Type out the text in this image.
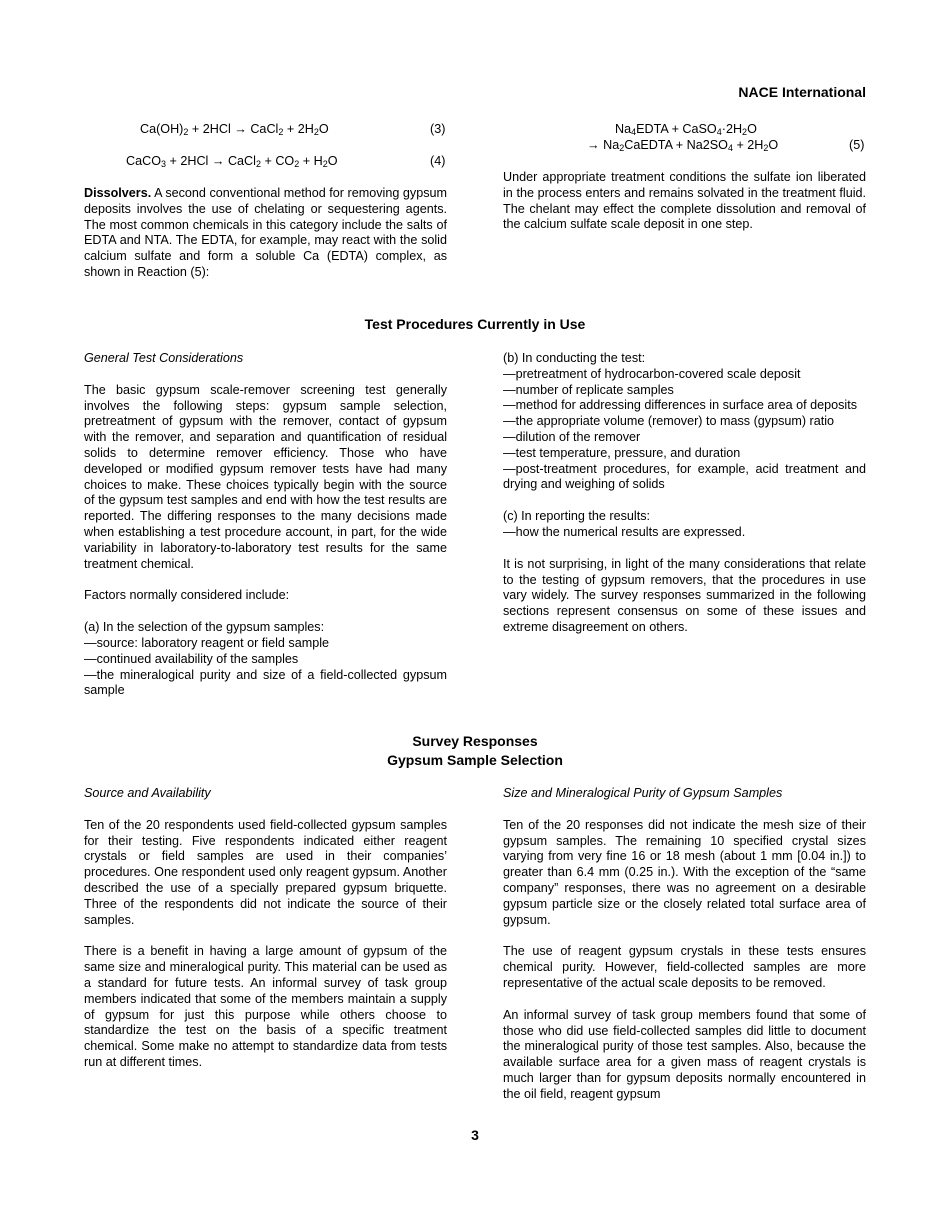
NACE International
$Ca(OH)_2 + 2HCl$ → CaCl$_2$ + $2H_2O$	(3)
CaCO$_3$ + 2HCl → CaCl$_2$ + $CO_2 + H_2O$	(4)
$Na_4EDTA$ + $CaSO_4\cdot 2H_2O$
→ $Na_2CaEDTA + Na2SO_4 + 2H_2O$	(5)

Dissolvers. A second conventional method for removing gypsum deposits involves the use of chelating or sequestering agents. The most common chemicals in this category include the salts of EDTA and NTA. The EDTA, for example, may react with the solid calcium sulfate and form a soluble Ca (EDTA) complex, as shown in Reaction (5):

Under appropriate treatment conditions the sulfate ion liberated in the process enters and remains solvated in the treatment fluid. The chelant may effect the complete dissolution and removal of the calcium sulfate scale deposit in one step.

Test Procedures Currently in Use

General Test Considerations

The basic gypsum scale-remover screening test generally involves the following steps: gypsum sample selection, pretreatment of gypsum with the remover, contact of gypsum with the remover, and separation and quantification of residual solids to determine remover efficiency. Those who have developed or modified gypsum remover tests have had many choices to make. These choices typically begin with the source of the gypsum test samples and end with how the test results are reported. The differing responses to the many decisions made when establishing a test procedure account, in part, for the wide variability in laboratory-to-laboratory test results for the same treatment chemical.

Factors normally considered include:

(a) In the selection of the gypsum samples:

—source: laboratory reagent or field sample

—continued availability of the samples

—the mineralogical purity and size of a field-collected gypsum sample

(b) In conducting the test:

—pretreatment of hydrocarbon-covered scale deposit

—number of replicate samples

—method for addressing differences in surface area of deposits

—the appropriate volume (remover) to mass (gypsum) ratio

—dilution of the remover

—test temperature, pressure, and duration

—post-treatment procedures, for example, acid treatment and drying and weighing of solids

(c) In reporting the results:

—how the numerical results are expressed.

It is not surprising, in light of the many considerations that relate to the testing of gypsum removers, that the procedures in use vary widely. The survey responses summarized in the following sections represent consensus on some of these issues and extreme disagreement on others.

Survey Responses
Gypsum Sample Selection

Source and Availability

Ten of the 20 respondents used field-collected gypsum samples for their testing. Five respondents indicated either reagent crystals or field samples are used in their companies’ procedures. One respondent used only reagent gypsum. Another described the use of a specially prepared gypsum briquette. Three of the respondents did not indicate the source of their samples.

There is a benefit in having a large amount of gypsum of the same size and mineralogical purity. This material can be used as a standard for future tests. An informal survey of task group members indicated that some of the members maintain a supply of gypsum for just this purpose while others choose to standardize the test on the basis of a specific treatment chemical. Some make no attempt to standardize data from tests run at different times.

Size and Mineralogical Purity of Gypsum Samples

Ten of the 20 responses did not indicate the mesh size of their gypsum samples. The remaining 10 specified crystal sizes varying from very fine 16 or 18 mesh (about 1 mm [0.04 in.]) to greater than 6.4 mm (0.25 in.). With the exception of the “same company” responses, there was no agreement on a desirable gypsum particle size or the closely related total surface area of gypsum.

The use of reagent gypsum crystals in these tests ensures chemical purity. However, field-collected samples are more representative of the actual scale deposits to be removed.

An informal survey of task group members found that some of those who did use field-collected samples did little to document the mineralogical purity of those test samples. Also, because the available surface area for a given mass of reagent crystals is much larger than for gypsum deposits normally encountered in the oil field, reagent gypsum

3
